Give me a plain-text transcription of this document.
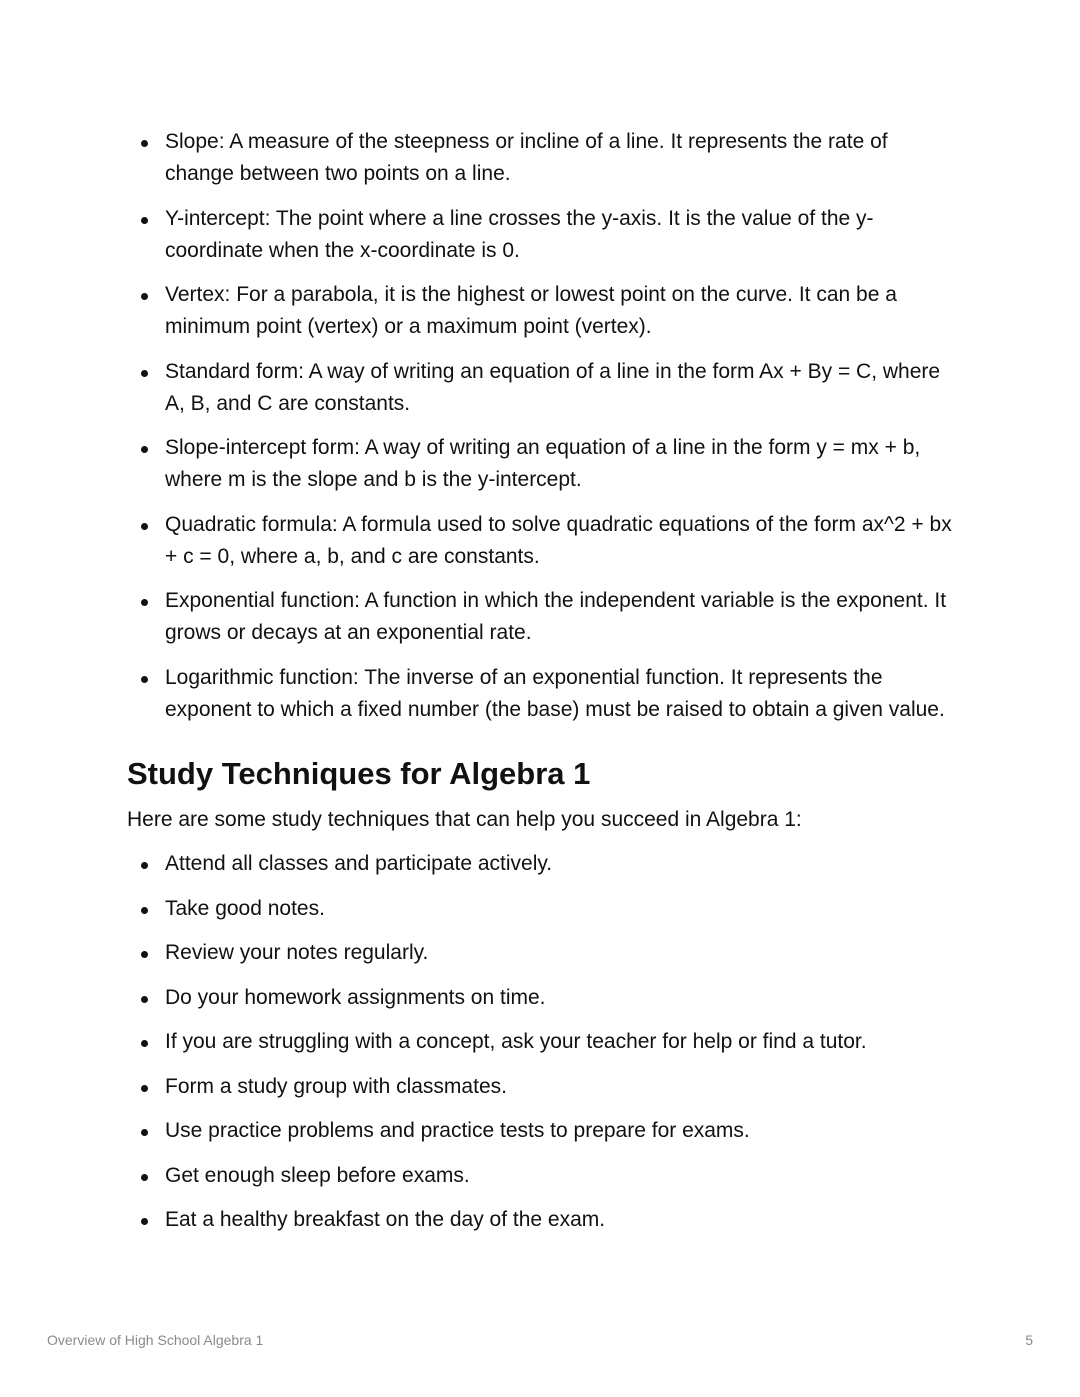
Slope: A measure of the steepness or incline of a line. It represents the rate of change between two points on a line.
Y-intercept: The point where a line crosses the y-axis. It is the value of the y-coordinate when the x-coordinate is 0.
Vertex: For a parabola, it is the highest or lowest point on the curve. It can be a minimum point (vertex) or a maximum point (vertex).
Standard form: A way of writing an equation of a line in the form Ax + By = C, where A, B, and C are constants.
Slope-intercept form: A way of writing an equation of a line in the form y = mx + b, where m is the slope and b is the y-intercept.
Quadratic formula: A formula used to solve quadratic equations of the form ax^2 + bx + c = 0, where a, b, and c are constants.
Exponential function: A function in which the independent variable is the exponent. It grows or decays at an exponential rate.
Logarithmic function: The inverse of an exponential function. It represents the exponent to which a fixed number (the base) must be raised to obtain a given value.
Study Techniques for Algebra 1

Here are some study techniques that can help you succeed in Algebra 1:

Attend all classes and participate actively.
Take good notes.
Review your notes regularly.
Do your homework assignments on time.
If you are struggling with a concept, ask your teacher for help or find a tutor.
Form a study group with classmates.
Use practice problems and practice tests to prepare for exams.
Get enough sleep before exams.
Eat a healthy breakfast on the day of the exam.
Overview of High School Algebra 1	5
